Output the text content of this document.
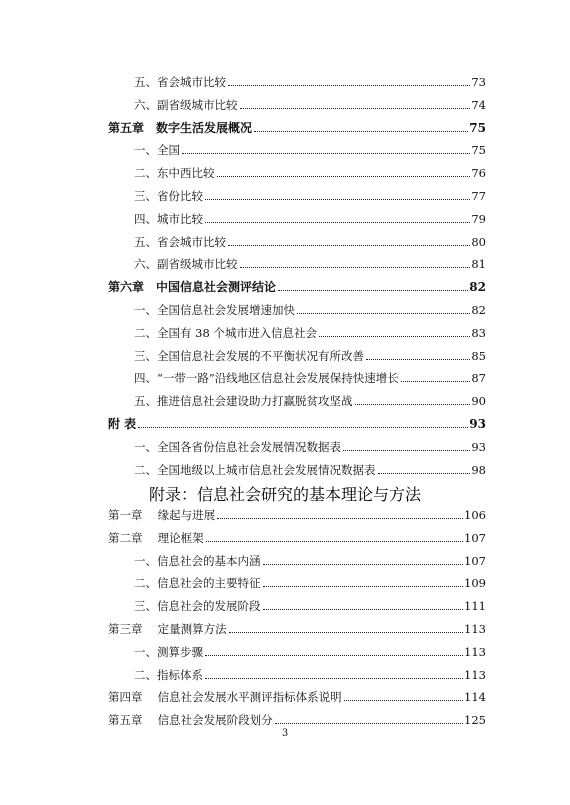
五、省会城市比较	73
六、副省级城市比较	74
第五章　数字生活发展概况	75
一、全国	75
二、东中西比较	76
三、省份比较	77
四、城市比较	79
五、省会城市比较	80
六、副省级城市比较	81
第六章　中国信息社会测评结论	82
一、全国信息社会发展增速加快	82
二、全国有 38 个城市进入信息社会	83
三、全国信息社会发展的不平衡状况有所改善	85
四、“一带一路”沿线地区信息社会发展保持快速增长	87
五、推进信息社会建设助力打赢脱贫攻坚战	90
附 表	93
一、全国各省份信息社会发展情况数据表	93
二、全国地级以上城市信息社会发展情况数据表	98
第一章　 缘起与进展	106
第二章　 理论框架	107
一、信息社会的基本内涵	107
二、信息社会的主要特征	109
三、信息社会的发展阶段	111
第三章　 定量测算方法	113
一、测算步骤	113
二、指标体系	113
第四章　 信息社会发展水平测评指标体系说明	114
第五章　 信息社会发展阶段划分	125
附录：信息社会研究的基本理论与方法
3
